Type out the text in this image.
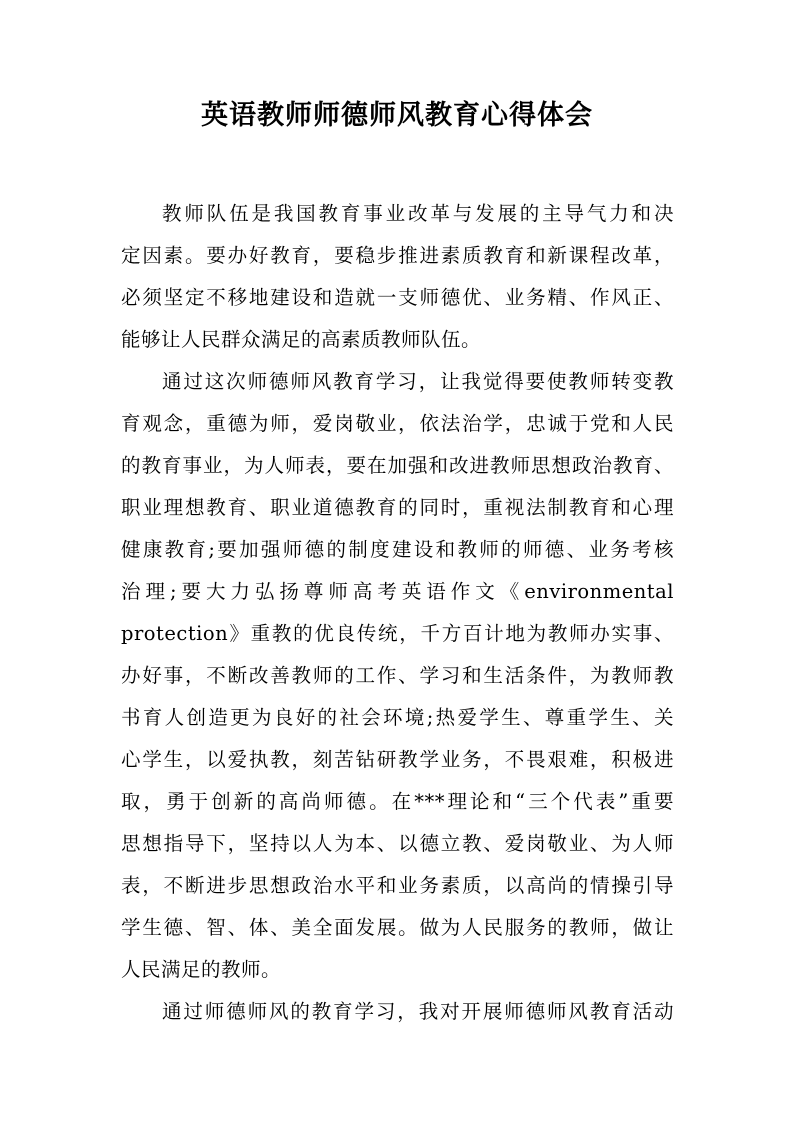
英语教师师德师风教育心得体会
教师队伍是我国教育事业改革与发展的主导气力和决
定因素。要办好教育，要稳步推进素质教育和新课程改革，
必须坚定不移地建设和造就一支师德优、业务精、作风正、
能够让人民群众满足的高素质教师队伍。
通过这次师德师风教育学习，让我觉得要使教师转变教
育观念，重德为师，爱岗敬业，依法治学，忠诚于党和人民
的教育事业，为人师表，要在加强和改进教师思想政治教育、
职业理想教育、职业道德教育的同时，重视法制教育和心理
健康教育;要加强师德的制度建设和教师的师德、业务考核
治理;要大力弘扬尊师高考英语作文《environmental
protection》重教的优良传统，千方百计地为教师办实事、
办好事，不断改善教师的工作、学习和生活条件，为教师教
书育人创造更为良好的社会环境;热爱学生、尊重学生、关
心学生，以爱执教，刻苦钻研教学业务，不畏艰难，积极进
取，勇于创新的高尚师德。在***理论和“三个代表”重要
思想指导下，坚持以人为本、以德立教、爱岗敬业、为人师
表，不断进步思想政治水平和业务素质，以高尚的情操引导
学生德、智、体、美全面发展。做为人民服务的教师，做让
人民满足的教师。
通过师德师风的教育学习，我对开展师德师风教育活动
